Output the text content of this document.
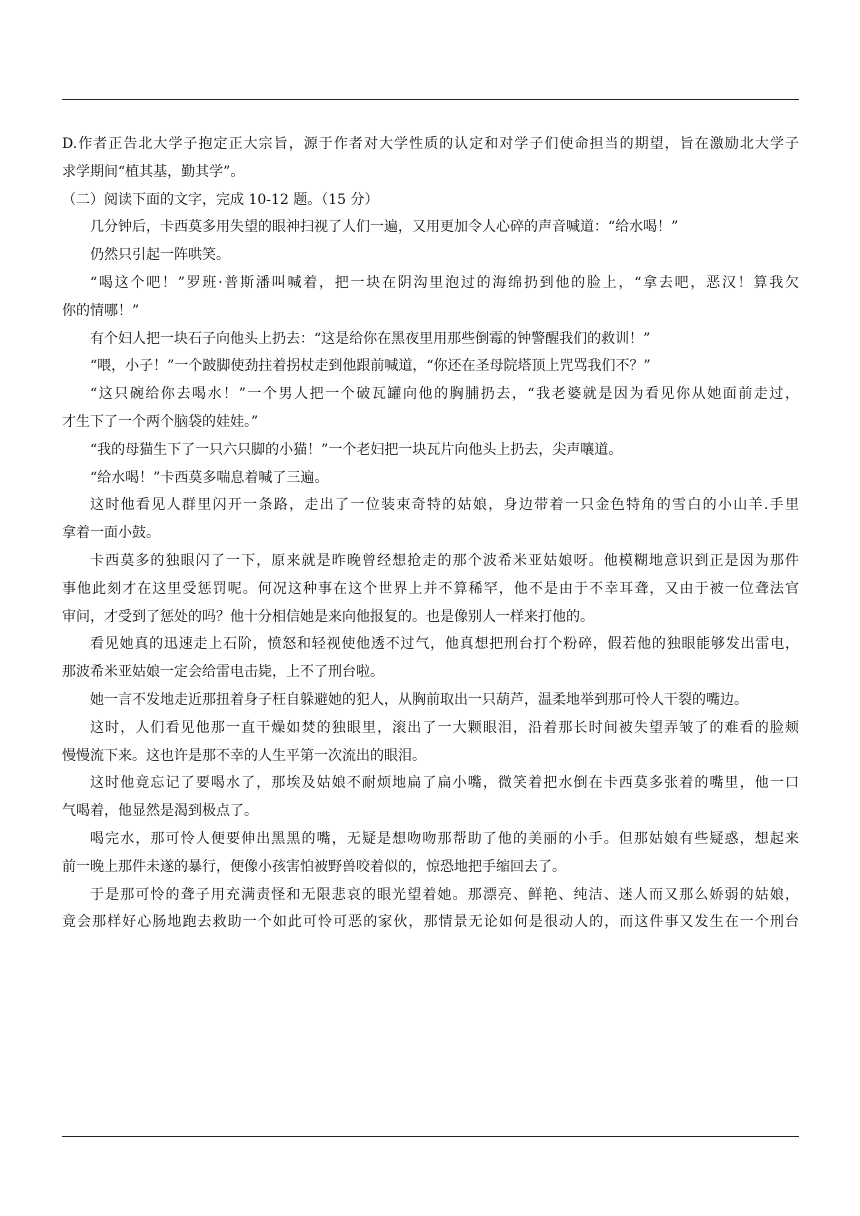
D.作者正告北大学子抱定正大宗旨，源于作者对大学性质的认定和对学子们使命担当的期望，旨在激励北大学子
求学期间“植其基，勤其学”。
（二）阅读下面的文字，完成 10-12 题。（15 分）
几分钟后，卡西莫多用失望的眼神扫视了人们一遍，又用更加令人心碎的声音喊道：“给水喝！”
仍然只引起一阵哄笑。
“喝这个吧！”罗班·普斯潘叫喊着，把一块在阴沟里泡过的海绵扔到他的脸上，“拿去吧，恶汉！算我欠
你的情哪！”
有个妇人把一块石子向他头上扔去：“这是给你在黑夜里用那些倒霉的钟警醒我们的救训！”
“喂，小子！”一个跛脚使劲拄着拐杖走到他跟前喊道，“你还在圣母院塔顶上咒骂我们不？”
“这只碗给你去喝水！”一个男人把一个破瓦罐向他的胸脯扔去，“我老婆就是因为看见你从她面前走过，
才生下了一个两个脑袋的娃娃。”
“我的母猫生下了一只六只脚的小猫！”一个老妇把一块瓦片向他头上扔去，尖声嚷道。
“给水喝！”卡西莫多喘息着喊了三遍。
这时他看见人群里闪开一条路，走出了一位装束奇特的姑娘，身边带着一只金色特角的雪白的小山羊.手里
拿着一面小鼓。
卡西莫多的独眼闪了一下，原来就是昨晚曾经想抢走的那个波希米亚姑娘呀。他模糊地意识到正是因为那件
事他此刻才在这里受惩罚呢。何况这种事在这个世界上并不算稀罕，他不是由于不幸耳聋，又由于被一位聋法官
审问，才受到了惩处的吗？他十分相信她是来向他报复的。也是像别人一样来打他的。
看见她真的迅速走上石阶，愤怒和轻视使他透不过气，他真想把刑台打个粉碎，假若他的独眼能够发出雷电，
那波希米亚姑娘一定会给雷电击毙，上不了刑台啦。
她一言不发地走近那扭着身子枉自躲避她的犯人，从胸前取出一只葫芦，温柔地举到那可怜人干裂的嘴边。
这时，人们看见他那一直干燥如焚的独眼里，滚出了一大颗眼泪，沿着那长时间被失望弄皱了的难看的脸颊
慢慢流下来。这也许是那不幸的人生平第一次流出的眼泪。
这时他竟忘记了要喝水了，那埃及姑娘不耐烦地扁了扁小嘴，微笑着把水倒在卡西莫多张着的嘴里，他一口
气喝着，他显然是渴到极点了。
喝完水，那可怜人便要伸出黑黑的嘴，无疑是想吻吻那帮助了他的美丽的小手。但那姑娘有些疑惑，想起来
前一晚上那件未遂的暴行，便像小孩害怕被野兽咬着似的，惊恐地把手缩回去了。
于是那可怜的聋子用充满责怪和无限悲哀的眼光望着她。那漂亮、鲜艳、纯洁、迷人而又那么娇弱的姑娘，
竟会那样好心肠地跑去救助一个如此可怜可恶的家伙，那情景无论如何是很动人的，而这件事又发生在一个刑台
